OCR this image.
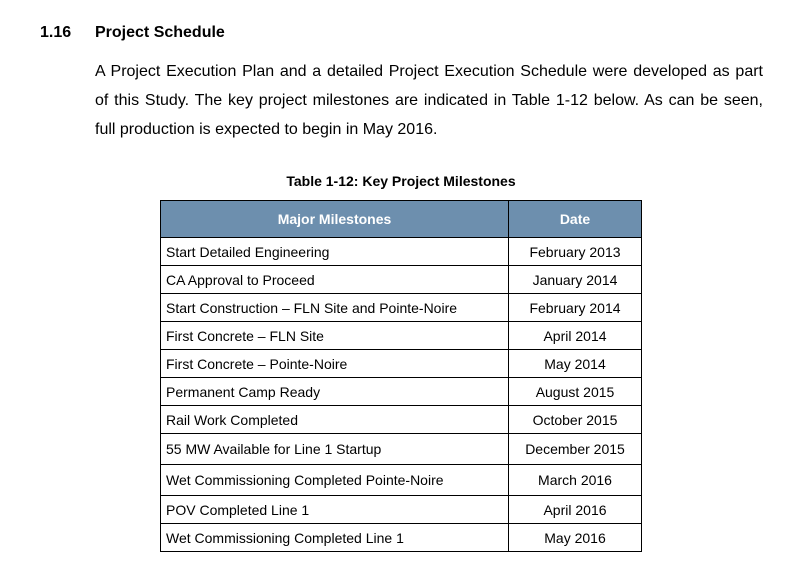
1.16 Project Schedule

A Project Execution Plan and a detailed Project Execution Schedule were developed as part of this Study. The key project milestones are indicated in Table 1-12 below. As can be seen, full production is expected to begin in May 2016.

Table 1-12: Key Project Milestones
Major Milestones	Date
Start Detailed Engineering	February 2013
CA Approval to Proceed	January 2014
Start Construction – FLN Site and Pointe-Noire	February 2014
First Concrete – FLN Site	April 2014
First Concrete – Pointe-Noire	May 2014
Permanent Camp Ready	August 2015
Rail Work Completed	October 2015
55 MW Available for Line 1 Startup	December 2015
Wet Commissioning Completed Pointe-Noire	March 2016
POV Completed Line 1	April 2016
Wet Commissioning Completed Line 1	May 2016
